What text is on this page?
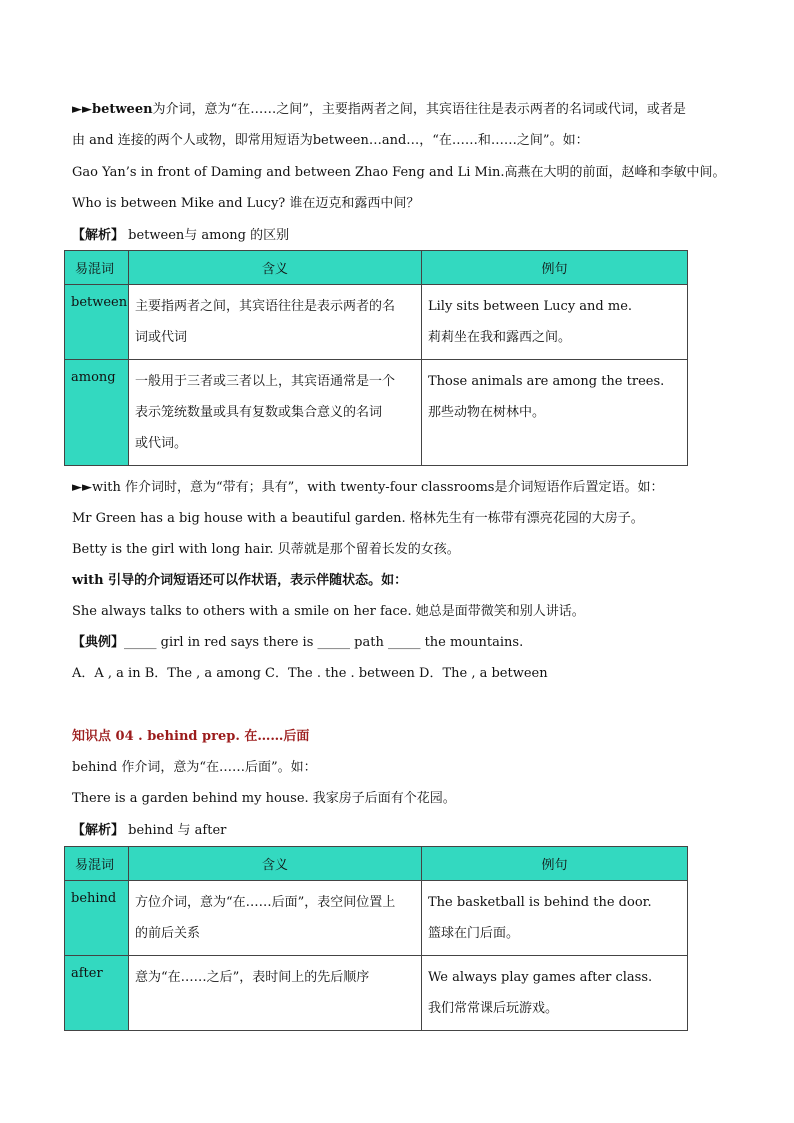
►►between为介词，意为“在……之间”，主要指两者之间，其宾语往往是表示两者的名词或代词，或者是
由 and 连接的两个人或物，即常用短语为between…and…，“在……和……之间”。如：
Gao Yan’s in front of Daming and between Zhao Feng and Li Min.高燕在大明的前面，赵峰和李敏中间。
Who is between Mike and Lucy? 谁在迈克和露西中间？
【解析】 between与 among 的区别
易混词	含义	例句
between	主要指两者之间，其宾语往往是表示两者的名
词或代词	Lily sits between Lucy and me.
莉莉坐在我和露西之间。

among	一般用于三者或三者以上，其宾语通常是一个
表示笼统数量或具有复数或集合意义的名词
或代词。	Those animals are among the trees.
那些动物在树林中。
►►with 作介词时，意为“带有；具有”，with twenty-four classrooms是介词短语作后置定语。如：
Mr Green has a big house with a beautiful garden. 格林先生有一栋带有漂亮花园的大房子。
Betty is the girl with long hair. 贝蒂就是那个留着长发的女孩。
with 引导的介词短语还可以作状语，表示伴随状态。如：
She always talks to others with a smile on her face. 她总是面带微笑和别人讲话。
【典例】_____ girl in red says there is _____ path _____ the mountains.
A．A , a in B．The , a among C．The . the . between D．The , a between
知识点 04 . behind prep. 在……后面
behind 作介词，意为“在……后面”。如：
There is a garden behind my house. 我家房子后面有个花园。
【解析】 behind 与 after
易混词	含义	例句
behind	方位介词，意为“在……后面”，表空间位置上
的前后关系	The basketball is behind the door.
篮球在门后面。

after	意为“在……之后”，表时间上的先后顺序	We always play games after class.
我们常常课后玩游戏。
